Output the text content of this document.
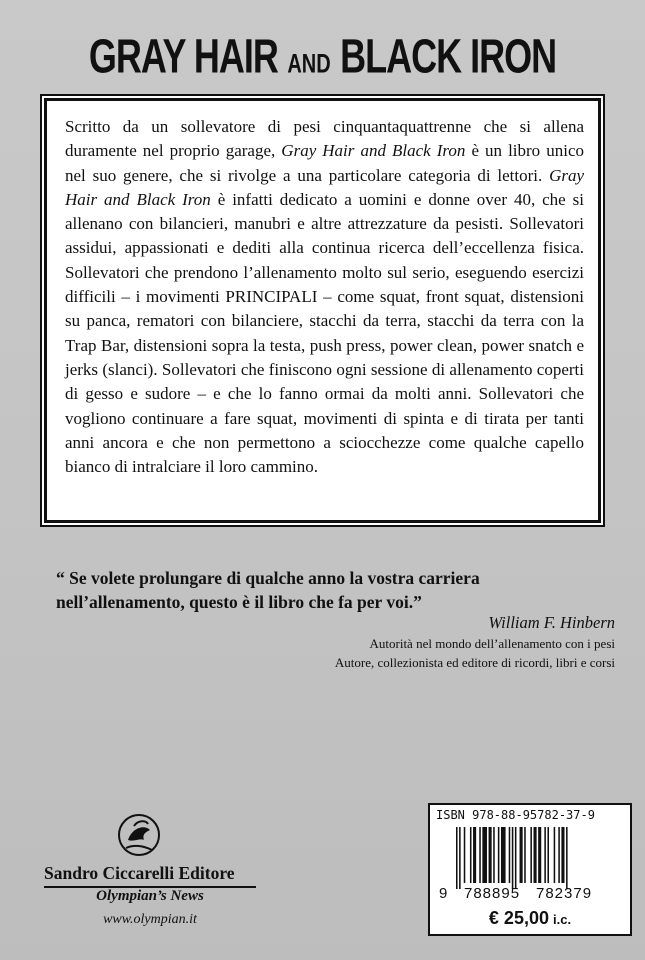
GRAY HAIR AND BLACK IRON

Scritto da un sollevatore di pesi cinquantaquattrenne che si allena duramente nel proprio garage, Gray Hair and Black Iron è un libro unico nel suo genere, che si rivolge a una particolare categoria di lettori. Gray Hair and Black Iron è infatti dedicato a uomini e donne over 40, che si allenano con bilancieri, manubri e altre attrezzature da pesisti. Sollevatori assidui, appassionati e dediti alla continua ricerca dell’eccellenza fisica. Sollevatori che prendono l’allenamento molto sul serio, eseguendo esercizi difficili – i movimenti PRINCIPALI – come squat, front squat, distensioni su panca, rematori con bilanciere, stacchi da terra, stacchi da terra con la Trap Bar, distensioni sopra la testa, push press, power clean, power snatch e jerks (slanci). Sollevatori che finiscono ogni sessione di allenamento coperti di gesso e sudore – e che lo fanno ormai da molti anni. Sollevatori che vogliono continuare a fare squat, movimenti di spinta e di tirata per tanti anni ancora e che non permettono a sciocchezze come qualche capello bianco di intralciare il loro cammino.

“ Se volete prolungare di qualche anno la vostra carriera nell’allenamento, questo è il libro che fa per voi.”

William F. Hinbern
Autorità nel mondo dell’allenamento con i pesi
Autore, collezionista ed editore di ricordi, libri e corsi
Sandro Ciccarelli Editore
Olympian’s News
www.olympian.it
ISBN 978-88-95782-37-9
9 788895 782379
€ 25,00 i.c.
